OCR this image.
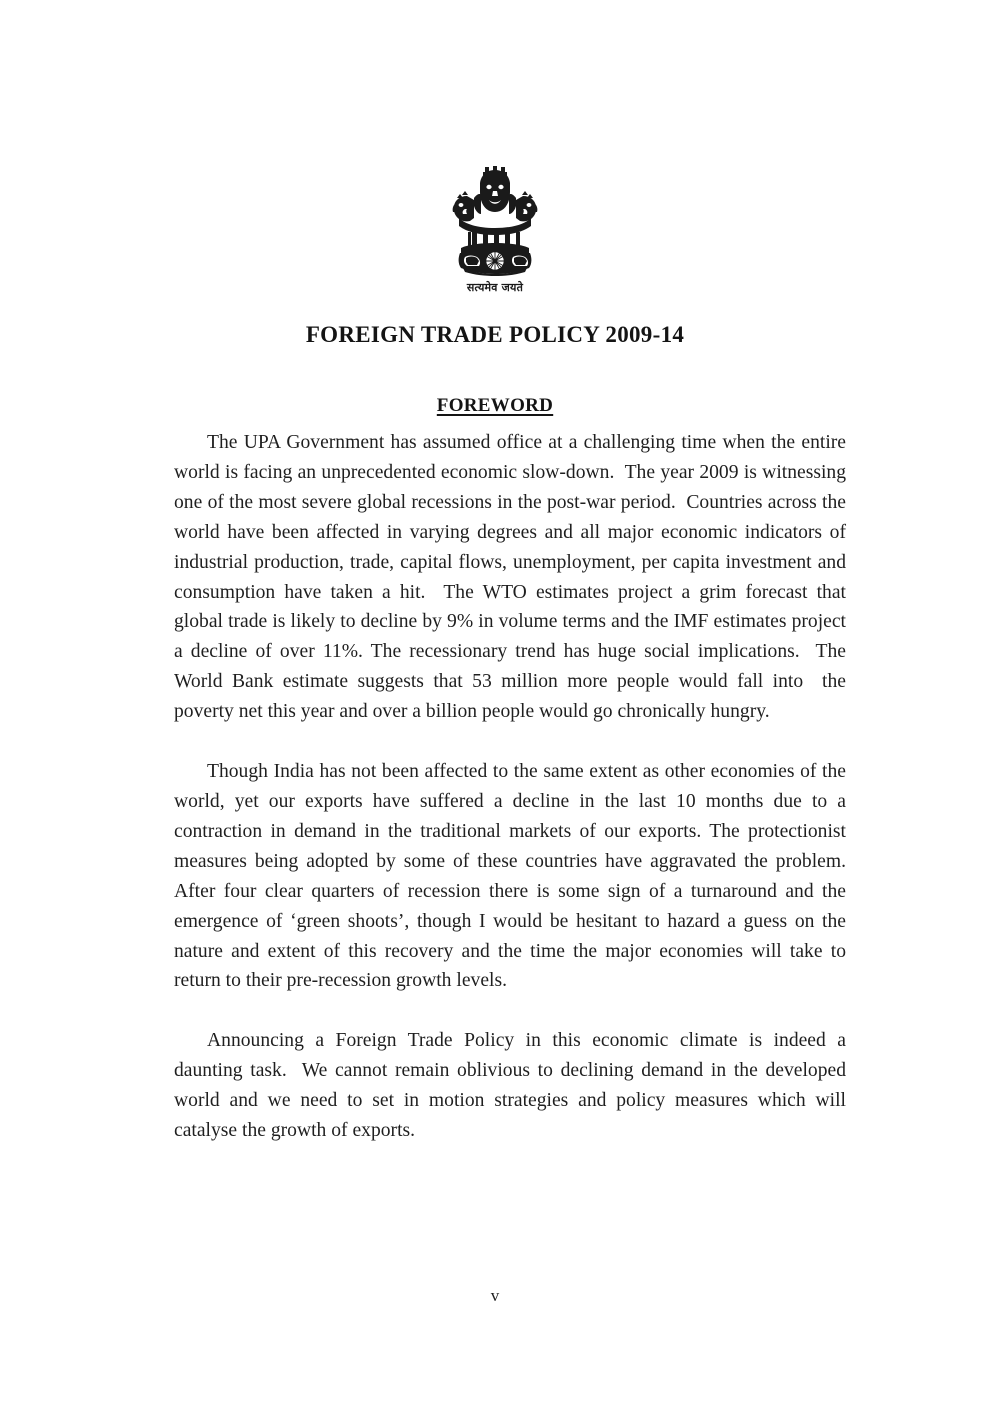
सत्यमेव जयते
FOREIGN TRADE POLICY 2009-14
FOREWORD

The UPA Government has assumed office at a challenging time when the entire world is facing an unprecedented economic slow-down.  The year 2009 is witnessing one of the most severe global recessions in the post-war period.  Countries across the world have been affected in varying degrees and all major economic indicators of industrial production, trade, capital flows, unemployment, per capita investment and consumption have taken a hit.  The WTO estimates project a grim forecast that  global trade is likely to decline by 9% in volume terms and the IMF estimates project a decline of over 11%. The recessionary trend has huge social implications.  The World Bank estimate suggests that 53 million more people would fall into  the poverty net this year and over a billion people would go chronically hungry.

Though India has not been affected to the same extent as other economies of the world, yet our exports have suffered a decline in the last 10 months due to a contraction in demand in the traditional markets of our exports. The protectionist measures being adopted by some of these countries have aggravated the problem.  After four clear quarters of recession there is some sign of a turnaround and the emergence of ‘green shoots’, though I would be hesitant to hazard a guess on the nature and extent of this recovery and the time the major economies will take to return to their pre-recession growth levels.

Announcing a Foreign Trade Policy in this economic climate is indeed a daunting task.  We cannot remain oblivious to declining demand in the developed world and we need to set in motion strategies and policy measures which will catalyse the growth of exports.

v
